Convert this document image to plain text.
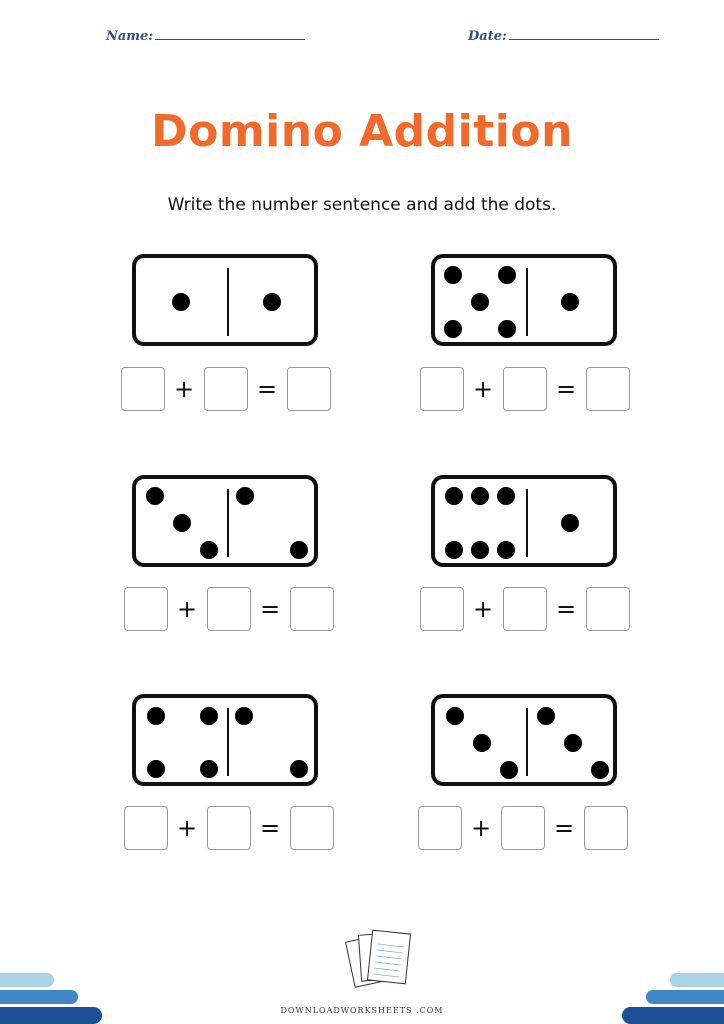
Name:	Date:
Domino Addition
Write the number sentence and add the dots.
+	=	+	=
+	=	+	=
+	=	+	=
DOWNLOADWORKSHEETS .COM
